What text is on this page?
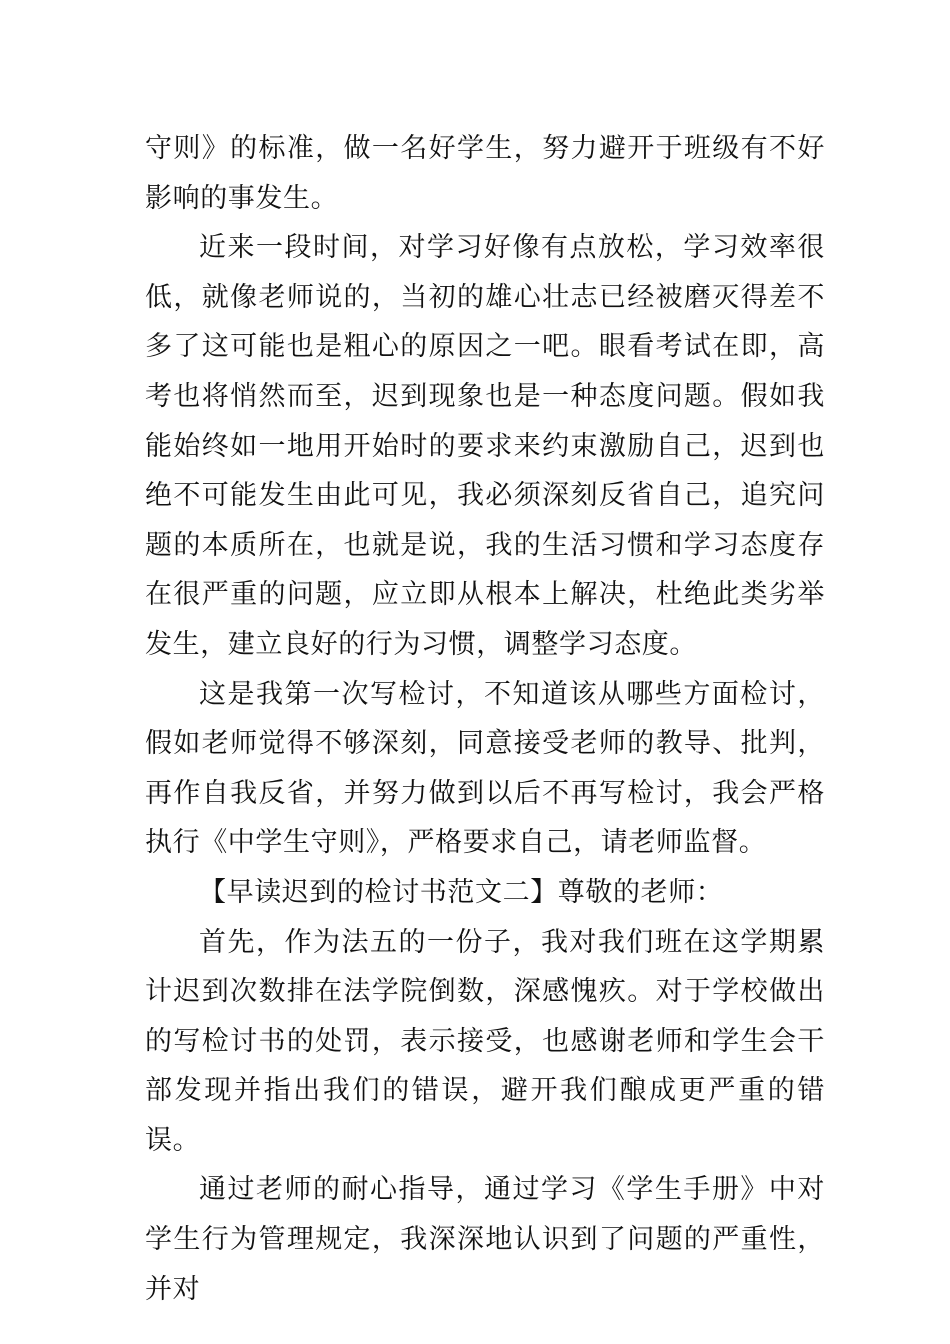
守则》的标准，做一名好学生，努力避开于班级有不好影响的事发生。

近来一段时间，对学习好像有点放松，学习效率很低，就像老师说的，当初的雄心壮志已经被磨灭得差不多了这可能也是粗心的原因之一吧。眼看考试在即，高考也将悄然而至，迟到现象也是一种态度问题。假如我能始终如一地用开始时的要求来约束激励自己，迟到也绝不可能发生由此可见，我必须深刻反省自己，追究问题的本质所在，也就是说，我的生活习惯和学习态度存在很严重的问题，应立即从根本上解决，杜绝此类劣举发生，建立良好的行为习惯，调整学习态度。

这是我第一次写检讨，不知道该从哪些方面检讨，假如老师觉得不够深刻，同意接受老师的教导、批判，再作自我反省，并努力做到以后不再写检讨，我会严格执行《中学生守则》，严格要求自己，请老师监督。

【早读迟到的检讨书范文二】尊敬的老师：

首先，作为法五的一份子，我对我们班在这学期累计迟到次数排在法学院倒数，深感愧疚。对于学校做出的写检讨书的处罚，表示接受，也感谢老师和学生会干部发现并指出我们的错误，避开我们酿成更严重的错误。

通过老师的耐心指导，通过学习《学生手册》中对学生行为管理规定，我深深地认识到了问题的严重性，并对
